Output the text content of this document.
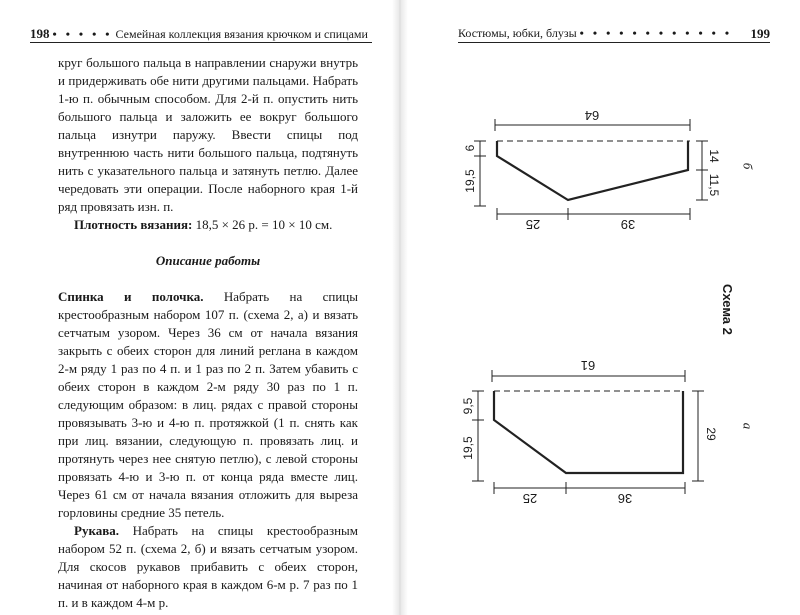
198 • • • • • Семейная коллекция вязания крючком и спицами

круг большого пальца в направлении снаружи внутрь и придерживать обе нити другими пальцами. Набрать 1-ю п. обычным способом. Для 2-й п. опустить нить большого пальца и заложить ее вокруг большого пальца изнутри паружу. Ввести спицы под внутреннюю часть нити большого пальца, подтянуть нить с указательного пальца и затянуть петлю. Далее чередовать эти операции. После наборного края 1-й ряд провязать изн. п.

Плотность вязания: 18,5 × 26 р. = 10 × 10 см.

Описание работы

Спинка и полочка. Набрать на спицы крестообразным набором 107 п. (схема 2, а) и вязать сетчатым узором. Через 36 см от начала вязания закрыть с обеих сторон для линий реглана в каждом 2-м ряду 1 раз по 4 п. и 1 раз по 2 п. Затем убавить с обеих сторон в каждом 2-м ряду 30 раз по 1 п. следующим образом: в лиц. рядах с правой стороны провязывать 3-ю и 4-ю п. протяжкой (1 п. снять как при лиц. вязании, следующую п. провязать лиц. и протянуть через нее снятую петлю), с левой стороны провязать 4-ю и 3-ю п. от конца ряда вместе лиц. Через 61 см от начала вязания отложить для выреза горловины средние 35 петель.

Рукава. Набрать на спицы крестообразным набором 52 п. (схема 2, б) и вязать сетчатым узором. Для скосов рукавов прибавить с обеих сторон, начиная от наборного края в каждом 6-м р. 7 раз по 1 п. и в каждом 4-м р.

Костюмы, юбки, блузы • • • • • • • • • • • • 199
64
6
19,5
14
11,5
25	39
61
9,5
19,5
29
25	36
Схема 2
б
а
